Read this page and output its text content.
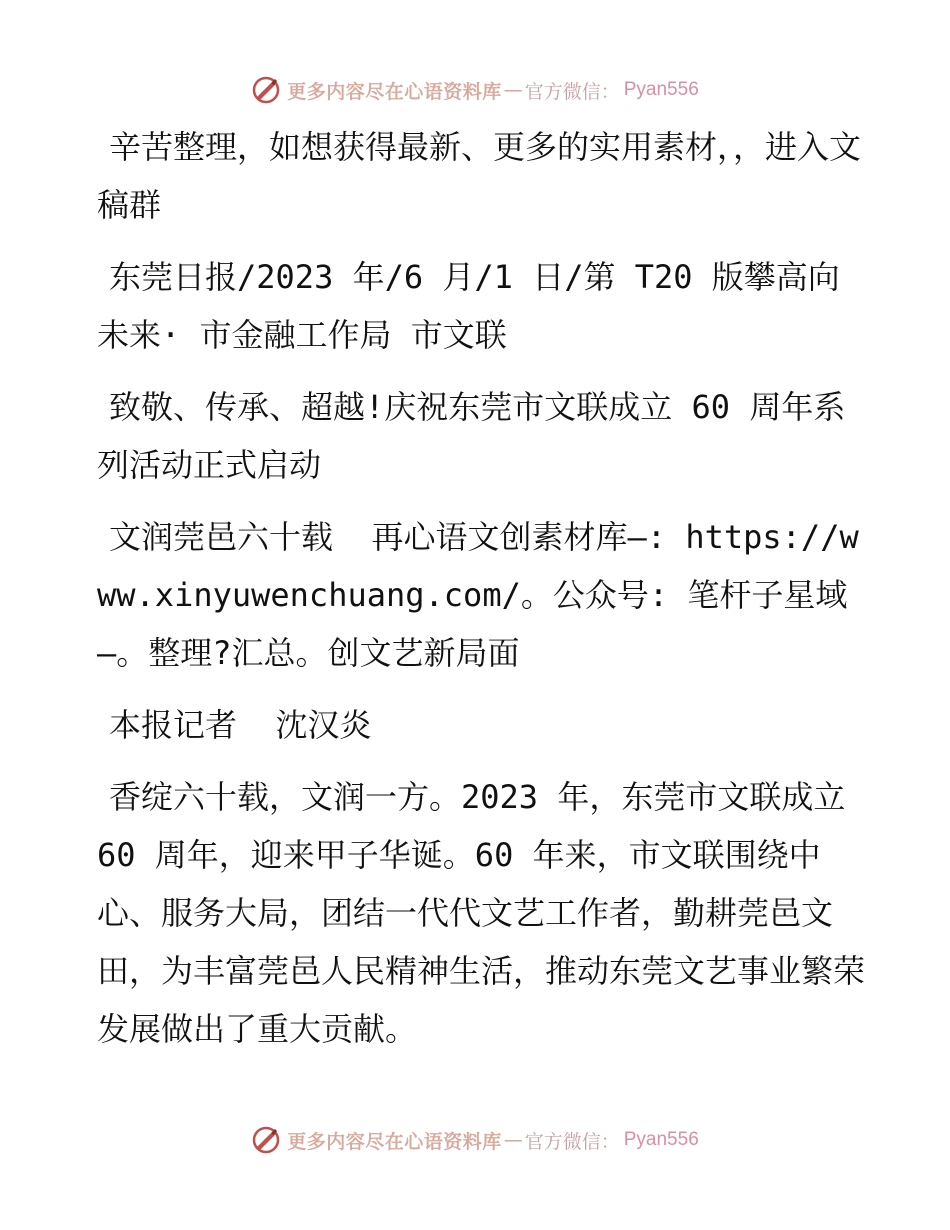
更多内容尽在心语资料库 — 官方微信： Pyan556

辛苦整理，如想获得最新、更多的实用素材，，进入文稿群

东莞日报/2023 年/6 月/1 日/第 T20 版攀高向未来· 市金融工作局 市文联

致敬、传承、超越!庆祝东莞市文联成立 60 周年系列活动正式启动

文润莞邑六十载  再心语文创素材库—: https://www.xinyuwenchuang.com/。公众号: 笔杆子星域—。整理?汇总。创文艺新局面

本报记者  沈汉炎

香绽六十载，文润一方。2023 年，东莞市文联成立 60 周年，迎来甲子华诞。60 年来，市文联围绕中心、服务大局，团结一代代文艺工作者，勤耕莞邑文田，为丰富莞邑人民精神生活，推动东莞文艺事业繁荣发展做出了重大贡献。

更多内容尽在心语资料库 — 官方微信： Pyan556
